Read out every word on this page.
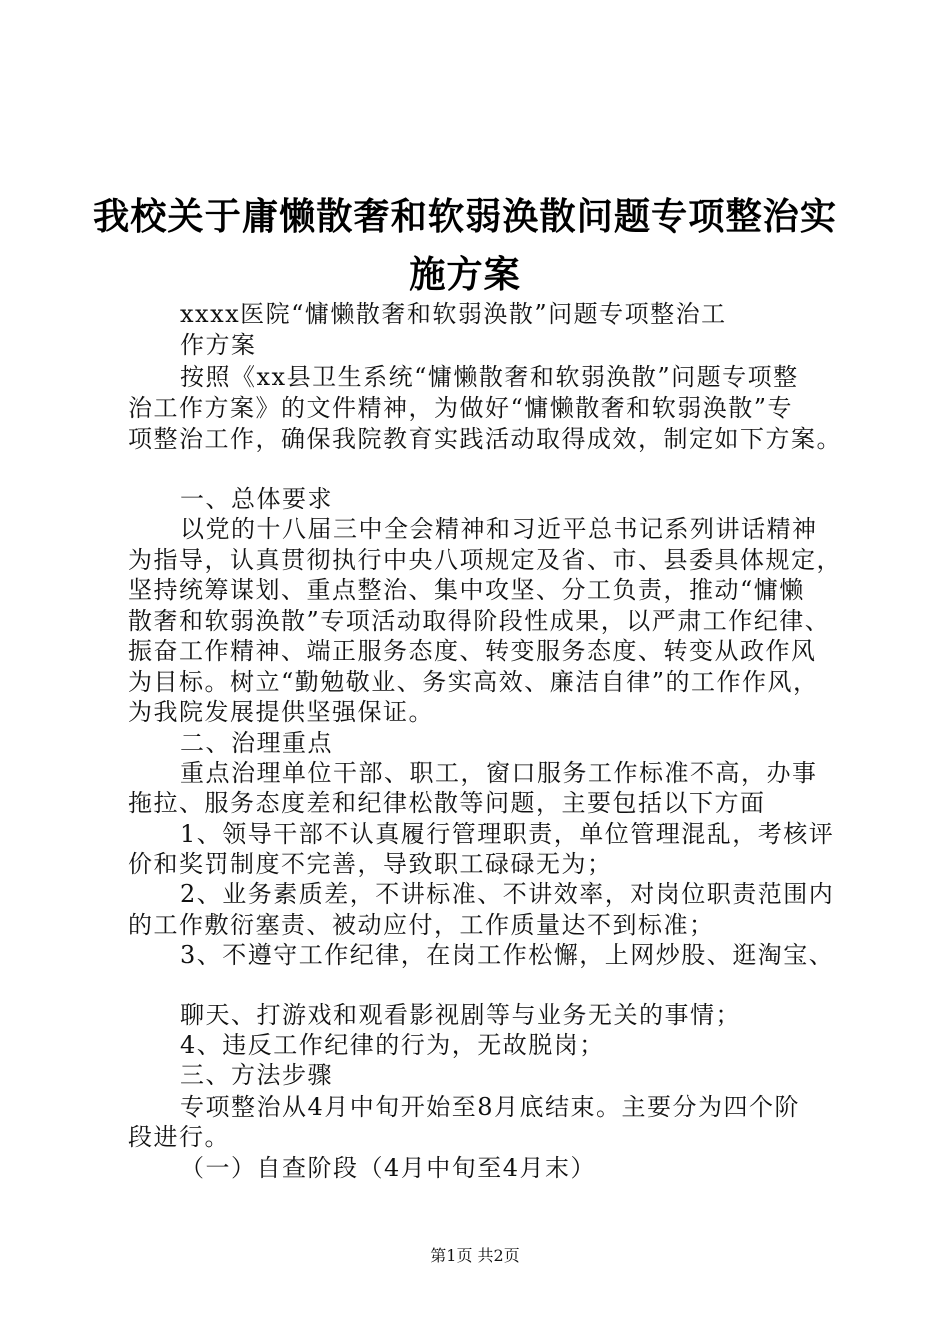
我校关于庸懒散奢和软弱涣散问题专项整治实
施方案
xxxx医院“慵懒散奢和软弱涣散”问题专项整治工
作方案
按照《xx县卫生系统“慵懒散奢和软弱涣散”问题专项整
治工作方案》的文件精神，为做好“慵懒散奢和软弱涣散”专
项整治工作，确保我院教育实践活动取得成效，制定如下方案。
一、总体要求
以党的十八届三中全会精神和习近平总书记系列讲话精神
为指导，认真贯彻执行中央八项规定及省、市、县委具体规定，
坚持统筹谋划、重点整治、集中攻坚、分工负责，推动“慵懒
散奢和软弱涣散”专项活动取得阶段性成果，以严肃工作纪律、
振奋工作精神、端正服务态度、转变服务态度、转变从政作风
为目标。树立“勤勉敬业、务实高效、廉洁自律”的工作作风，
为我院发展提供坚强保证。
二、治理重点
重点治理单位干部、职工，窗口服务工作标准不高，办事
拖拉、服务态度差和纪律松散等问题，主要包括以下方面
1、领导干部不认真履行管理职责，单位管理混乱，考核评
价和奖罚制度不完善，导致职工碌碌无为；
2、业务素质差，不讲标准、不讲效率，对岗位职责范围内
的工作敷衍塞责、被动应付，工作质量达不到标准；
3、不遵守工作纪律，在岗工作松懈，上网炒股、逛淘宝、
聊天、打游戏和观看影视剧等与业务无关的事情；
4、违反工作纪律的行为，无故脱岗；
三、方法步骤
专项整治从4月中旬开始至8月底结束。主要分为四个阶
段进行。
（一）自查阶段（4月中旬至4月末）
第1页 共2页
